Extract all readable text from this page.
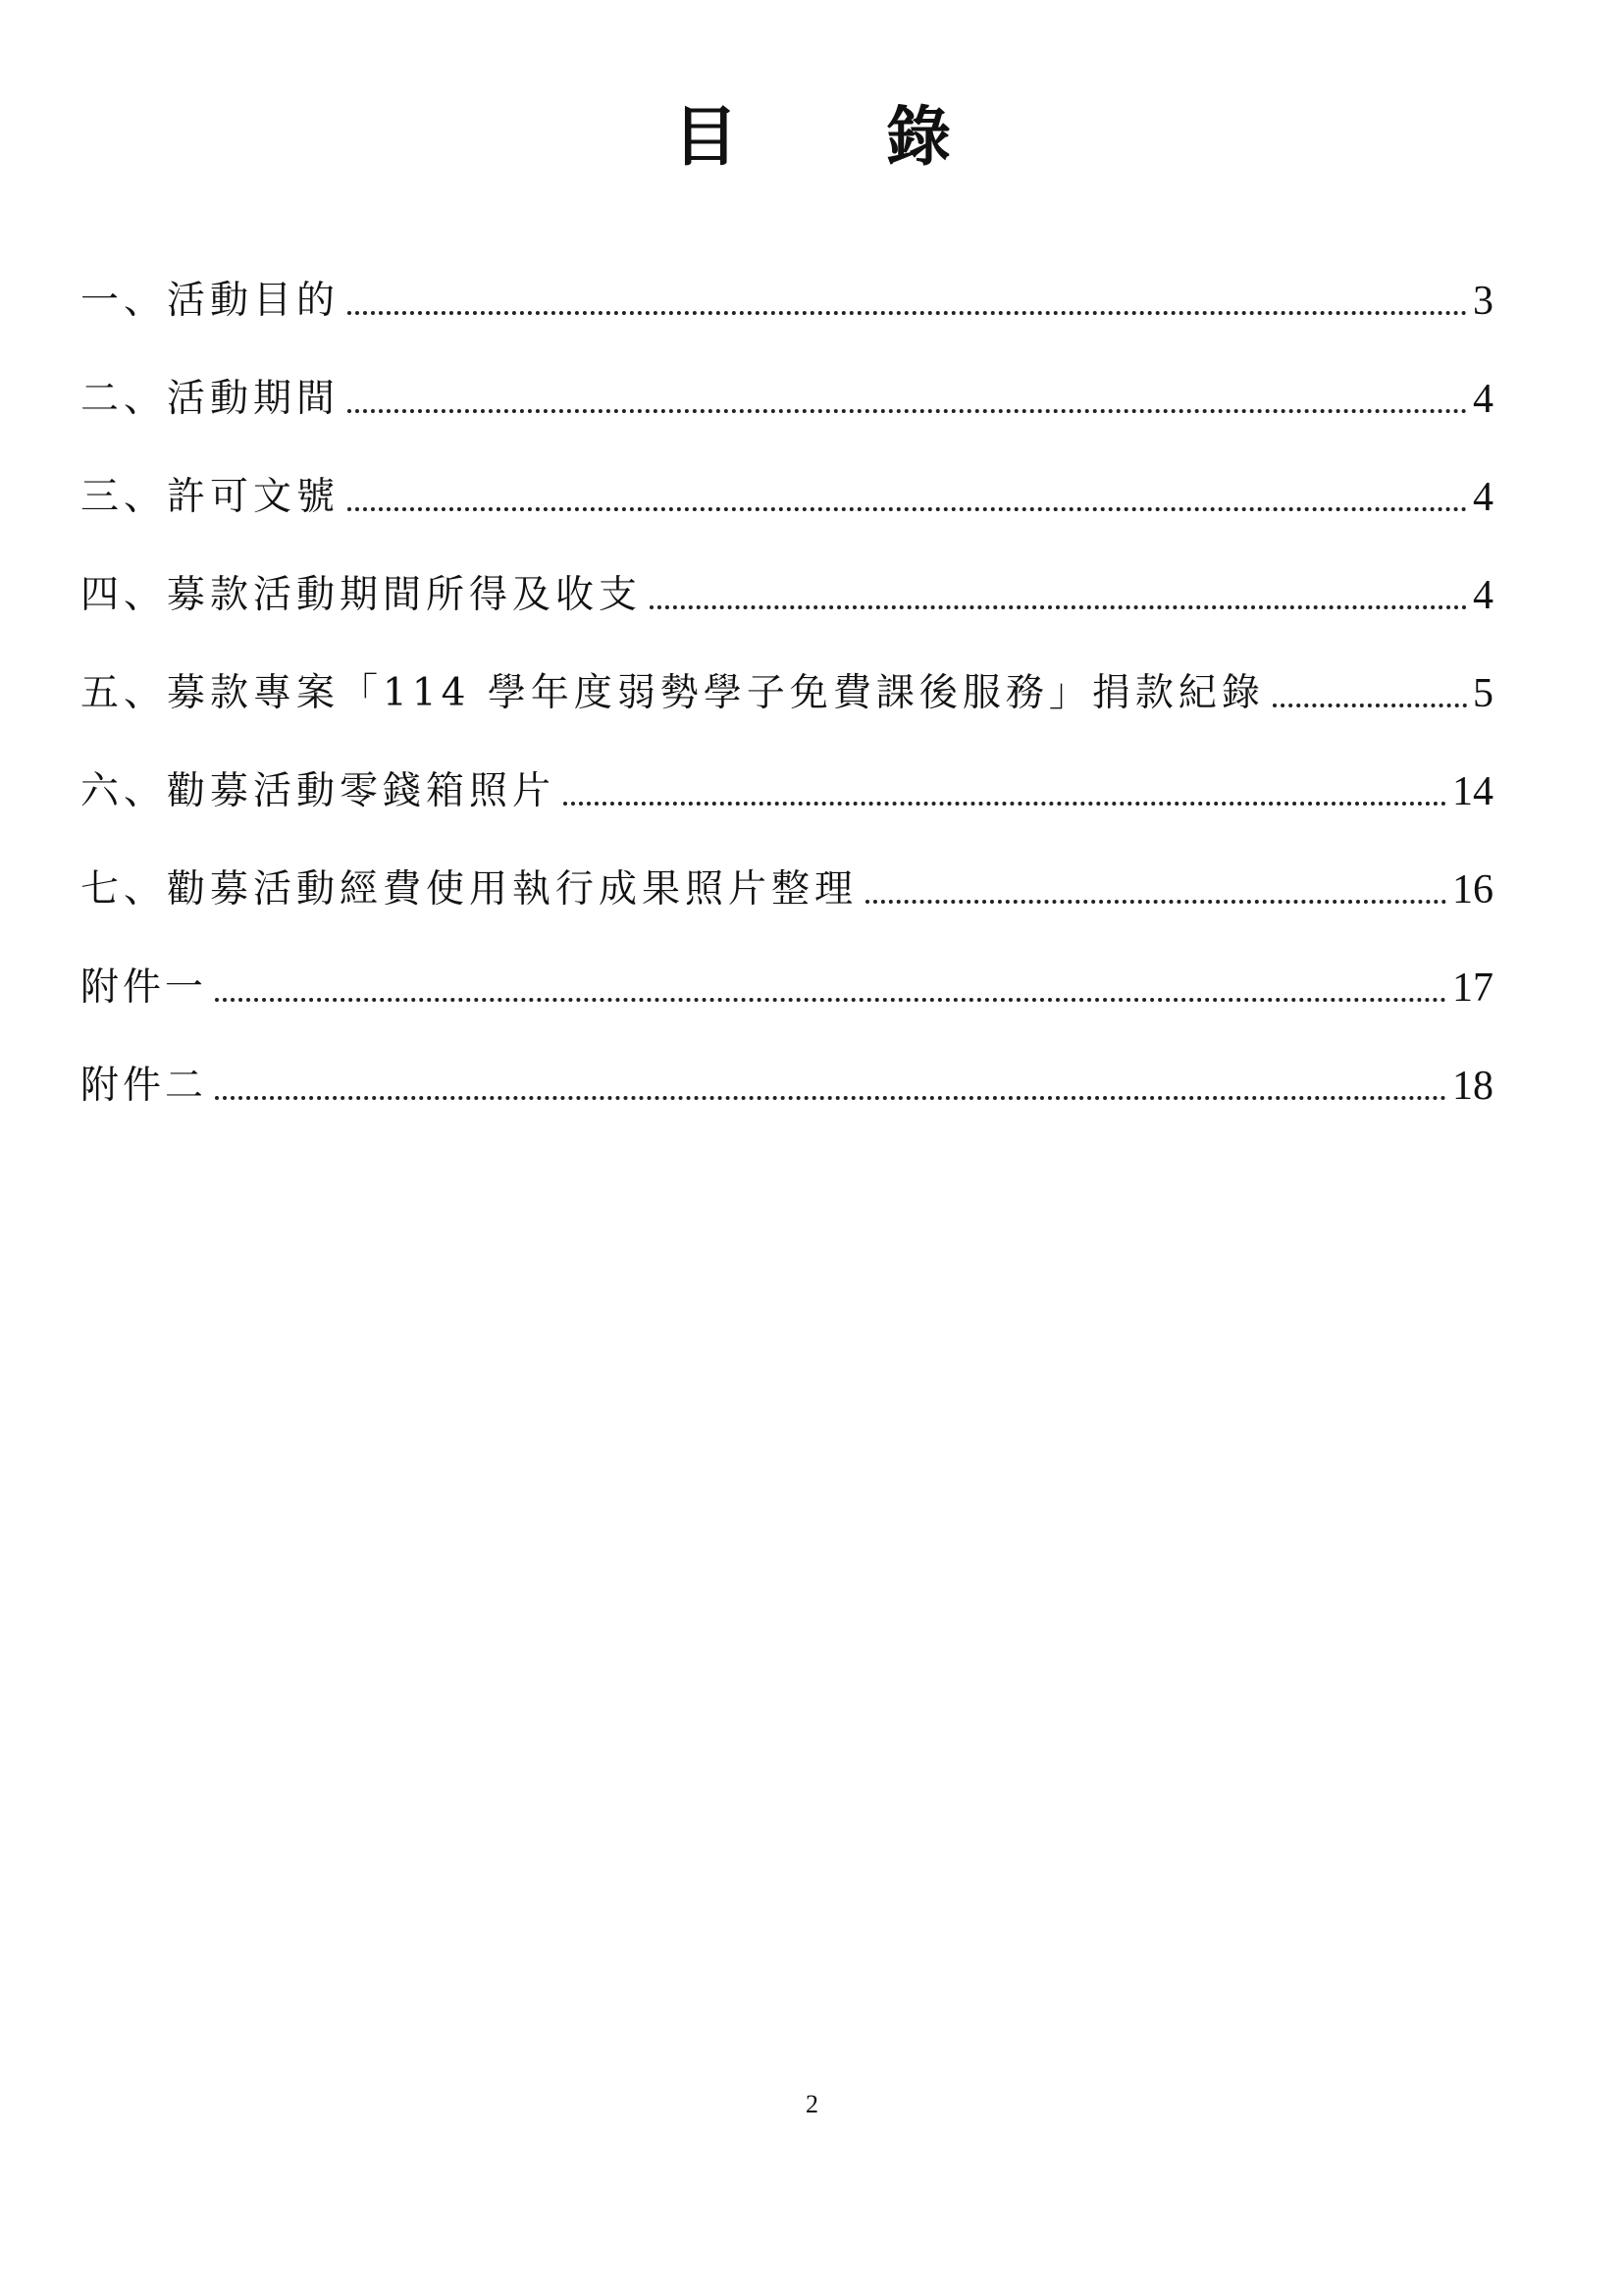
目 錄
一、活動目的	3
二、活動期間	4
三、許可文號	4
四、募款活動期間所得及收支	4
五、募款專案「114 學年度弱勢學子免費課後服務」捐款紀錄	5
六、勸募活動零錢箱照片	14
七、勸募活動經費使用執行成果照片整理	16
附件一	17
附件二	18
2
